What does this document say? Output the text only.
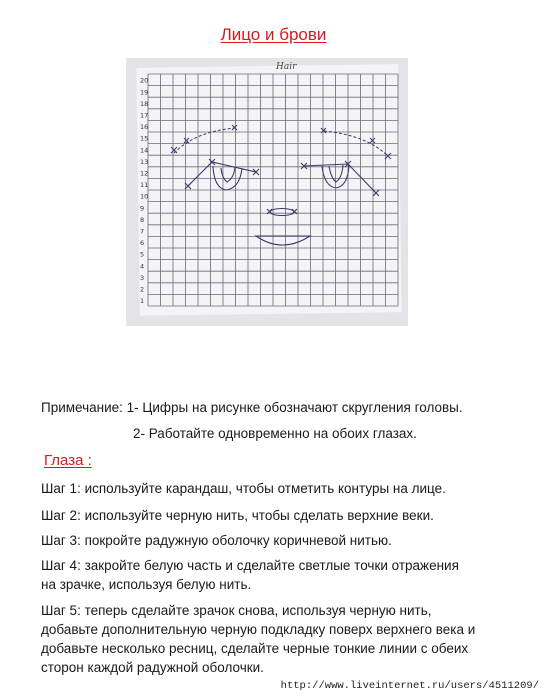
Лицо и брови
Hair
20
19
18
17
16
15
14
13
12
11
10
9
8
7
6
5
4
3
2
1
Примечание: 1- Цифры на рисунке обозначают скругления головы.
2- Работайте одновременно на обоих глазах.
Глаза :
Шаг 1: используйте карандаш, чтобы отметить контуры на лице.
Шаг 2: используйте черную нить, чтобы сделать верхние веки.
Шаг 3: покройте радужную оболочку коричневой нитью.
Шаг 4: закройте белую часть и сделайте светлые точки отражения
на зрачке, используя белую нить.
Шаг 5: теперь сделайте зрачок снова, используя черную нить,
добавьте дополнительную черную подкладку поверх верхнего века и
добавьте несколько ресниц, сделайте черные тонкие линии с обеих
сторон каждой радужной оболочки.
http://www.liveinternet.ru/users/4511209/
